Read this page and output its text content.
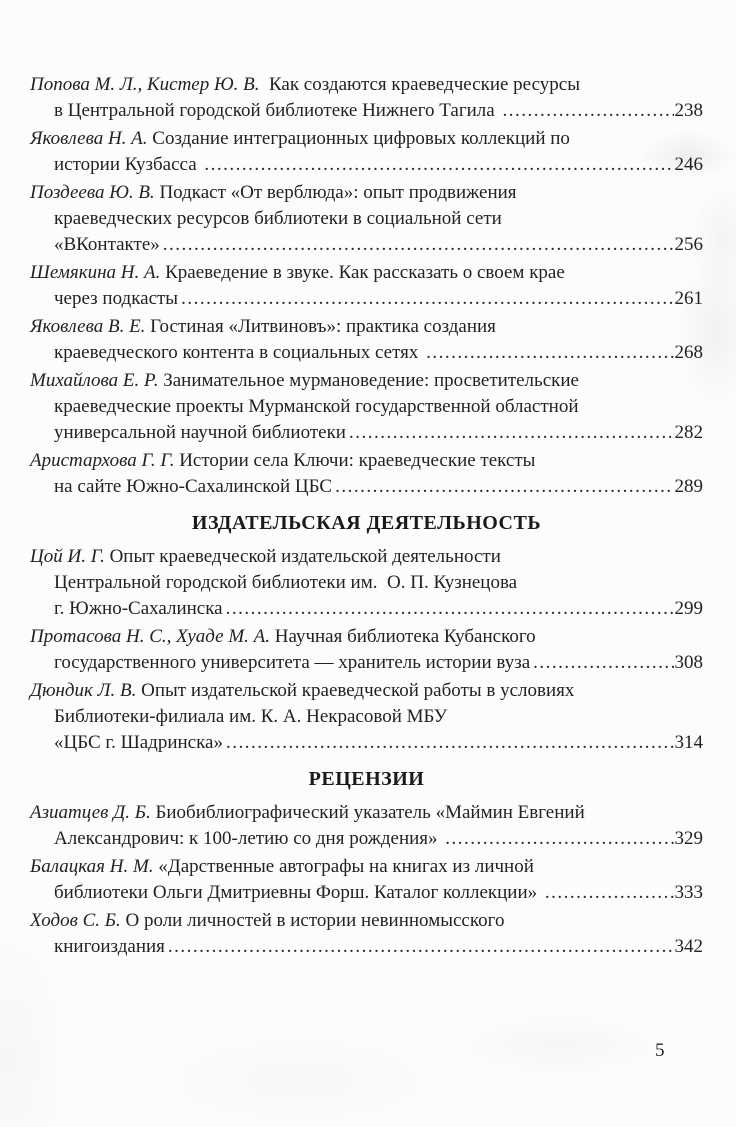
Попова М. Л., Кистер Ю. В.  Как создаются краеведческие ресурсы
в Центральной городской библиотеке Нижнего Тагила .....	238
Яковлева Н. А. Создание интеграционных цифровых коллекций по
истории Кузбасса .....	246
Поздеева Ю. В. Подкаст «От верблюда»: опыт продвижения
краеведческих ресурсов библиотеки в социальной сети
«ВКонтакте» .....	256
Шемякина Н. А. Краеведение в звуке. Как рассказать о своем крае
через подкасты .....	261
Яковлева В. Е. Гостиная «Литвиновъ»: практика создания
краеведческого контента в социальных сетях .....	268
Михайлова Е. Р. Занимательное мурмановедение: просветительские
краеведческие проекты Мурманской государственной областной
универсальной научной библиотеки .....	282
Аристархова Г. Г. Истории села Ключи: краеведческие тексты
на сайте Южно-Сахалинской ЦБС .....	289
ИЗДАТЕЛЬСКАЯ ДЕЯТЕЛЬНОСТЬ
Цой И. Г. Опыт краеведческой издательской деятельности
Центральной городской библиотеки им.  О. П. Кузнецова
г. Южно-Сахалинска .....	299
Протасова Н. С., Хуаде М. А. Научная библиотека Кубанского
государственного университета — хранитель истории вуза .....	308
Дюндик Л. В. Опыт издательской краеведческой работы в условиях
Библиотеки-филиала им. К. А. Некрасовой МБУ
«ЦБС г. Шадринска» .....	314
РЕЦЕНЗИИ
Азиатцев Д. Б. Биобиблиографический указатель «Маймин Евгений
Александрович: к 100-летию со дня рождения» .....	329
Балацкая Н. М. «Дарственные автографы на книгах из личной
библиотеки Ольги Дмитриевны Форш. Каталог коллекции» .....	333
Ходов С. Б. О роли личностей в истории невинномысского
книгоиздания .....	342
5
